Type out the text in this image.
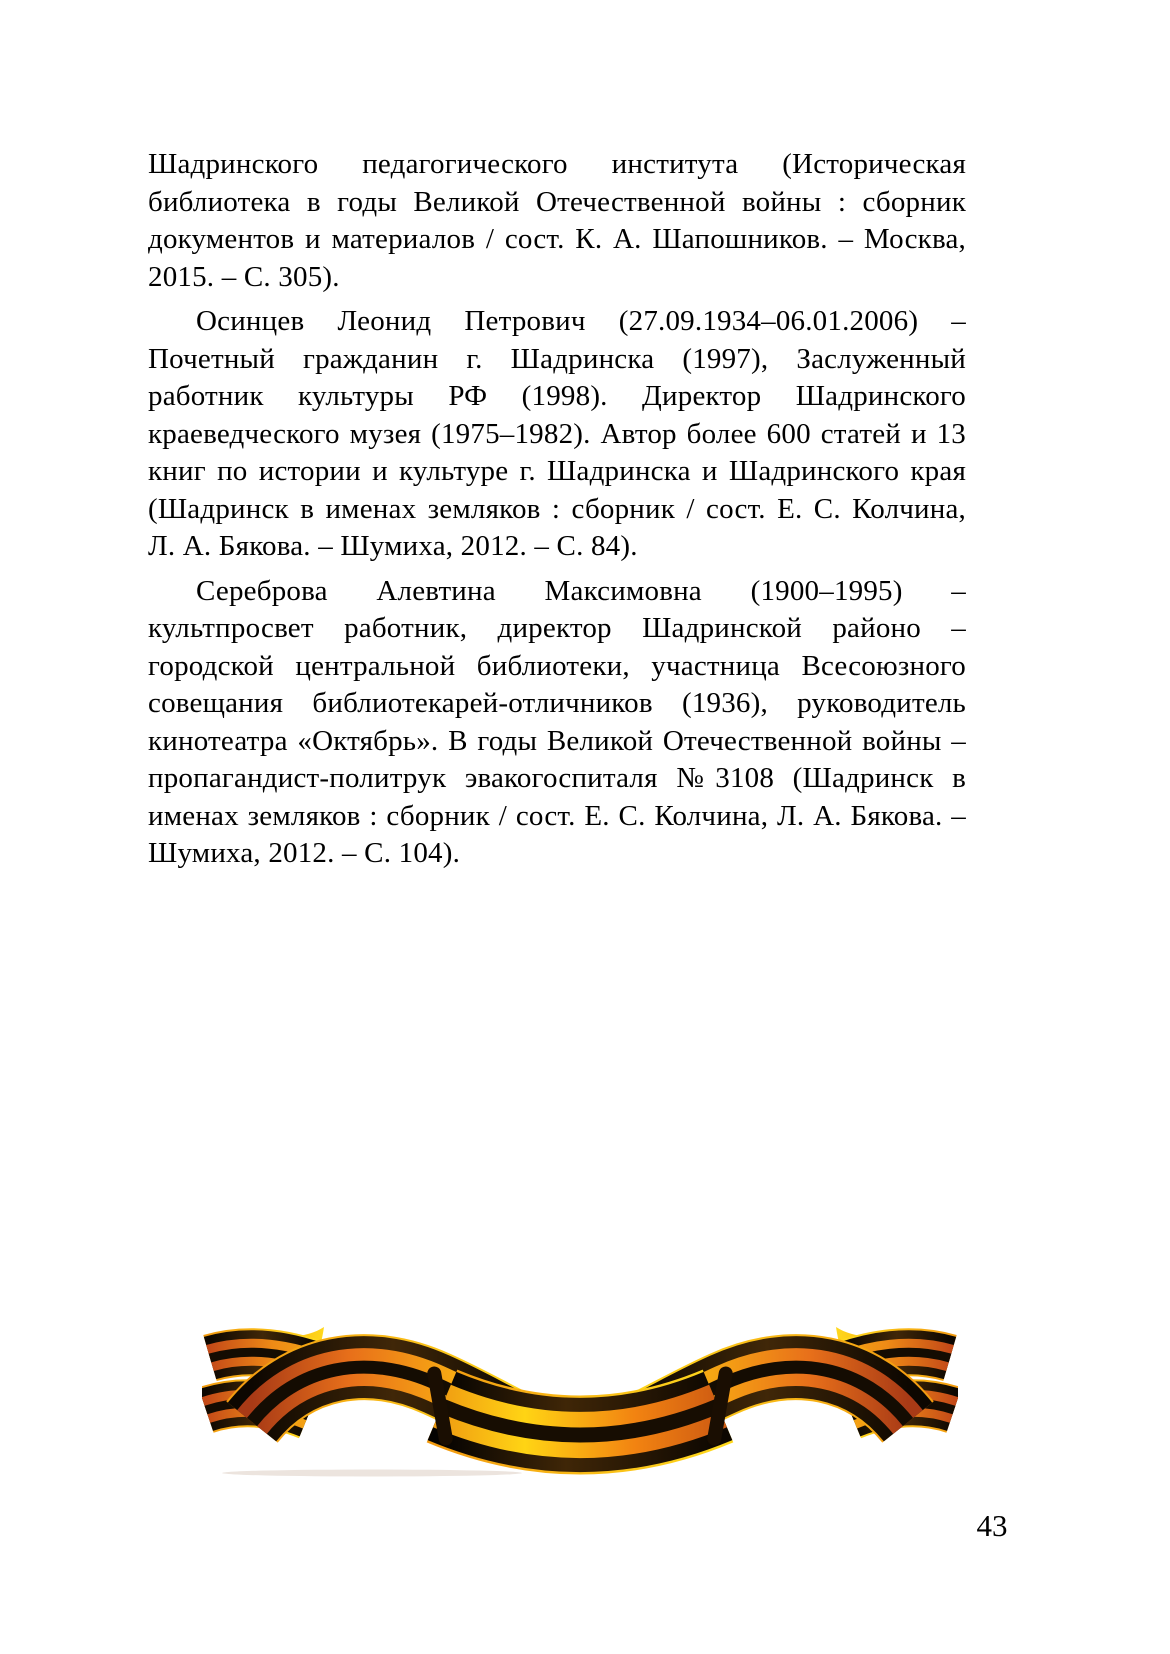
Шадринского педагогического института (Историческая
библиотека в годы Великой Отечественной войны : сборник
документов и материалов / сост. К. А. Шапошников. – Москва,
2015. – С. 305).

Осинцев Леонид Петрович (27.09.1934–06.01.2006) –
Почетный гражданин г. Шадринска (1997), Заслуженный
работник культуры РФ (1998). Директор Шадринского
краеведческого музея (1975–1982). Автор более 600 статей и 13
книг по истории и культуре г. Шадринска и Шадринского края
(Шадринск в именах земляков : сборник / сост. Е. С. Колчина,
Л. А. Бякова. – Шумиха, 2012. – С. 84).

Сереброва Алевтина Максимовна (1900–1995) –
культпросвет работник, директор Шадринской районо –
городской центральной библиотеки, участница Всесоюзного
совещания библиотекарей-отличников (1936), руководитель
кинотеатра «Октябрь». В годы Великой Отечественной войны –
пропагандист-политрук эвакогоспиталя №3108 (Шадринск в
именах земляков : сборник / сост. Е. С. Колчина, Л. А. Бякова. –
Шумиха, 2012. – С. 104).

43
